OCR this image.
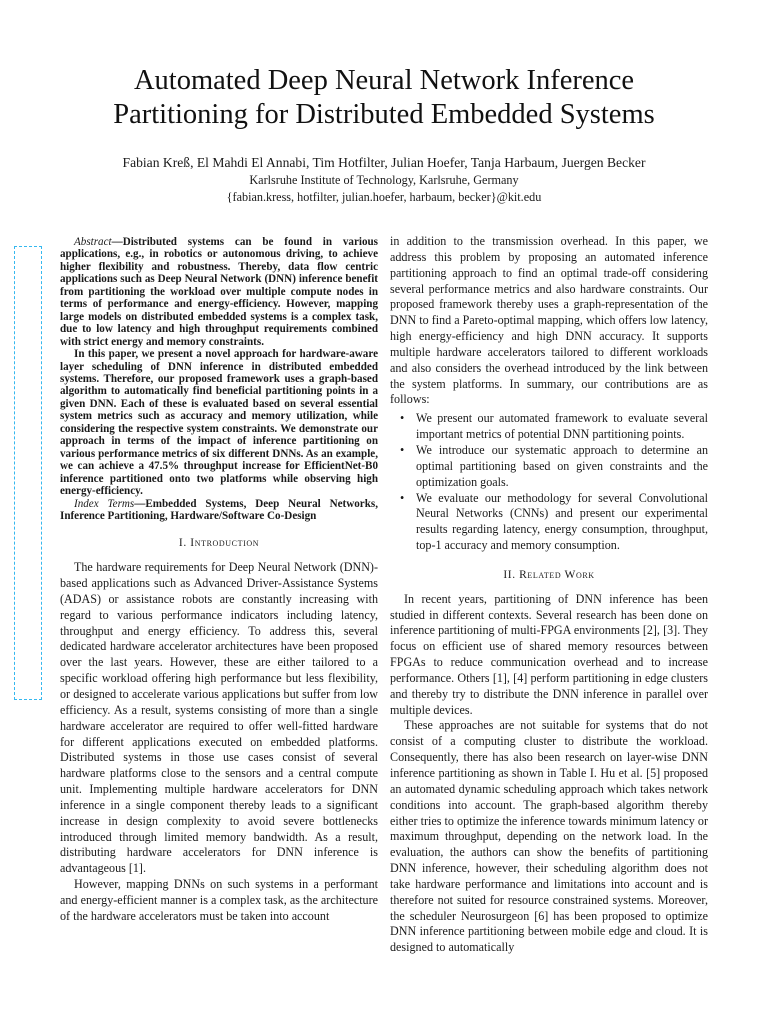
Automated Deep Neural Network Inference
Partitioning for Distributed Embedded Systems
Fabian Kreß, El Mahdi El Annabi, Tim Hotfilter, Julian Hoefer, Tanja Harbaum, Juergen Becker
Karlsruhe Institute of Technology, Karlsruhe, Germany
{fabian.kress, hotfilter, julian.hoefer, harbaum, becker}@kit.edu

Abstract—Distributed systems can be found in various applications, e.g., in robotics or autonomous driving, to achieve higher flexibility and robustness. Thereby, data flow centric applications such as Deep Neural Network (DNN) inference benefit from partitioning the workload over multiple compute nodes in terms of performance and energy-efficiency. However, mapping large models on distributed embedded systems is a complex task, due to low latency and high throughput requirements combined with strict energy and memory constraints.

In this paper, we present a novel approach for hardware-aware layer scheduling of DNN inference in distributed embedded systems. Therefore, our proposed framework uses a graph-based algorithm to automatically find beneficial partitioning points in a given DNN. Each of these is evaluated based on several essential system metrics such as accuracy and memory utilization, while considering the respective system constraints. We demonstrate our approach in terms of the impact of inference partitioning on various performance metrics of six different DNNs. As an example, we can achieve a 47.5% throughput increase for EfficientNet-B0 inference partitioned onto two platforms while observing high energy-efficiency.

Index Terms—Embedded Systems, Deep Neural Networks, Inference Partitioning, Hardware/Software Co-Design

I. Introduction

The hardware requirements for Deep Neural Network (DNN)-based applications such as Advanced Driver-Assistance Systems (ADAS) or assistance robots are constantly increasing with regard to various performance indicators including latency, throughput and energy efficiency. To address this, several dedicated hardware accelerator architectures have been proposed over the last years. However, these are either tailored to a specific workload offering high performance but less flexibility, or designed to accelerate various applications but suffer from low efficiency. As a result, systems consisting of more than a single hardware accelerator are required to offer well-fitted hardware for different applications executed on embedded platforms. Distributed systems in those use cases consist of several hardware platforms close to the sensors and a central compute unit. Implementing multiple hardware accelerators for DNN inference in a single component thereby leads to a significant increase in design complexity to avoid severe bottlenecks introduced through limited memory bandwidth. As a result, distributing hardware accelerators for DNN inference is advantageous [1].

However, mapping DNNs on such systems in a performant and energy-efficient manner is a complex task, as the architecture of the hardware accelerators must be taken into account

in addition to the transmission overhead. In this paper, we address this problem by proposing an automated inference partitioning approach to find an optimal trade-off considering several performance metrics and also hardware constraints. Our proposed framework thereby uses a graph-representation of the DNN to find a Pareto-optimal mapping, which offers low latency, high energy-efficiency and high DNN accuracy. It supports multiple hardware accelerators tailored to different workloads and also considers the overhead introduced by the link between the system platforms. In summary, our contributions are as follows:

• We present our automated framework to evaluate several important metrics of potential DNN partitioning points.
• We introduce our systematic approach to determine an optimal partitioning based on given constraints and the optimization goals.
• We evaluate our methodology for several Convolutional Neural Networks (CNNs) and present our experimental results regarding latency, energy consumption, throughput, top-1 accuracy and memory consumption.
II. Related Work

In recent years, partitioning of DNN inference has been studied in different contexts. Several research has been done on inference partitioning of multi-FPGA environments [2], [3]. They focus on efficient use of shared memory resources between FPGAs to reduce communication overhead and to increase performance. Others [1], [4] perform partitioning in edge clusters and thereby try to distribute the DNN inference in parallel over multiple devices.

These approaches are not suitable for systems that do not consist of a computing cluster to distribute the workload. Consequently, there has also been research on layer-wise DNN inference partitioning as shown in Table I. Hu et al. [5] proposed an automated dynamic scheduling approach which takes network conditions into account. The graph-based algorithm thereby either tries to optimize the inference towards minimum latency or maximum throughput, depending on the network load. In the evaluation, the authors can show the benefits of partitioning DNN inference, however, their scheduling algorithm does not take hardware performance and limitations into account and is therefore not suited for resource constrained systems. Moreover, the scheduler Neurosurgeon [6] has been proposed to optimize DNN inference partitioning between mobile edge and cloud. It is designed to automatically
